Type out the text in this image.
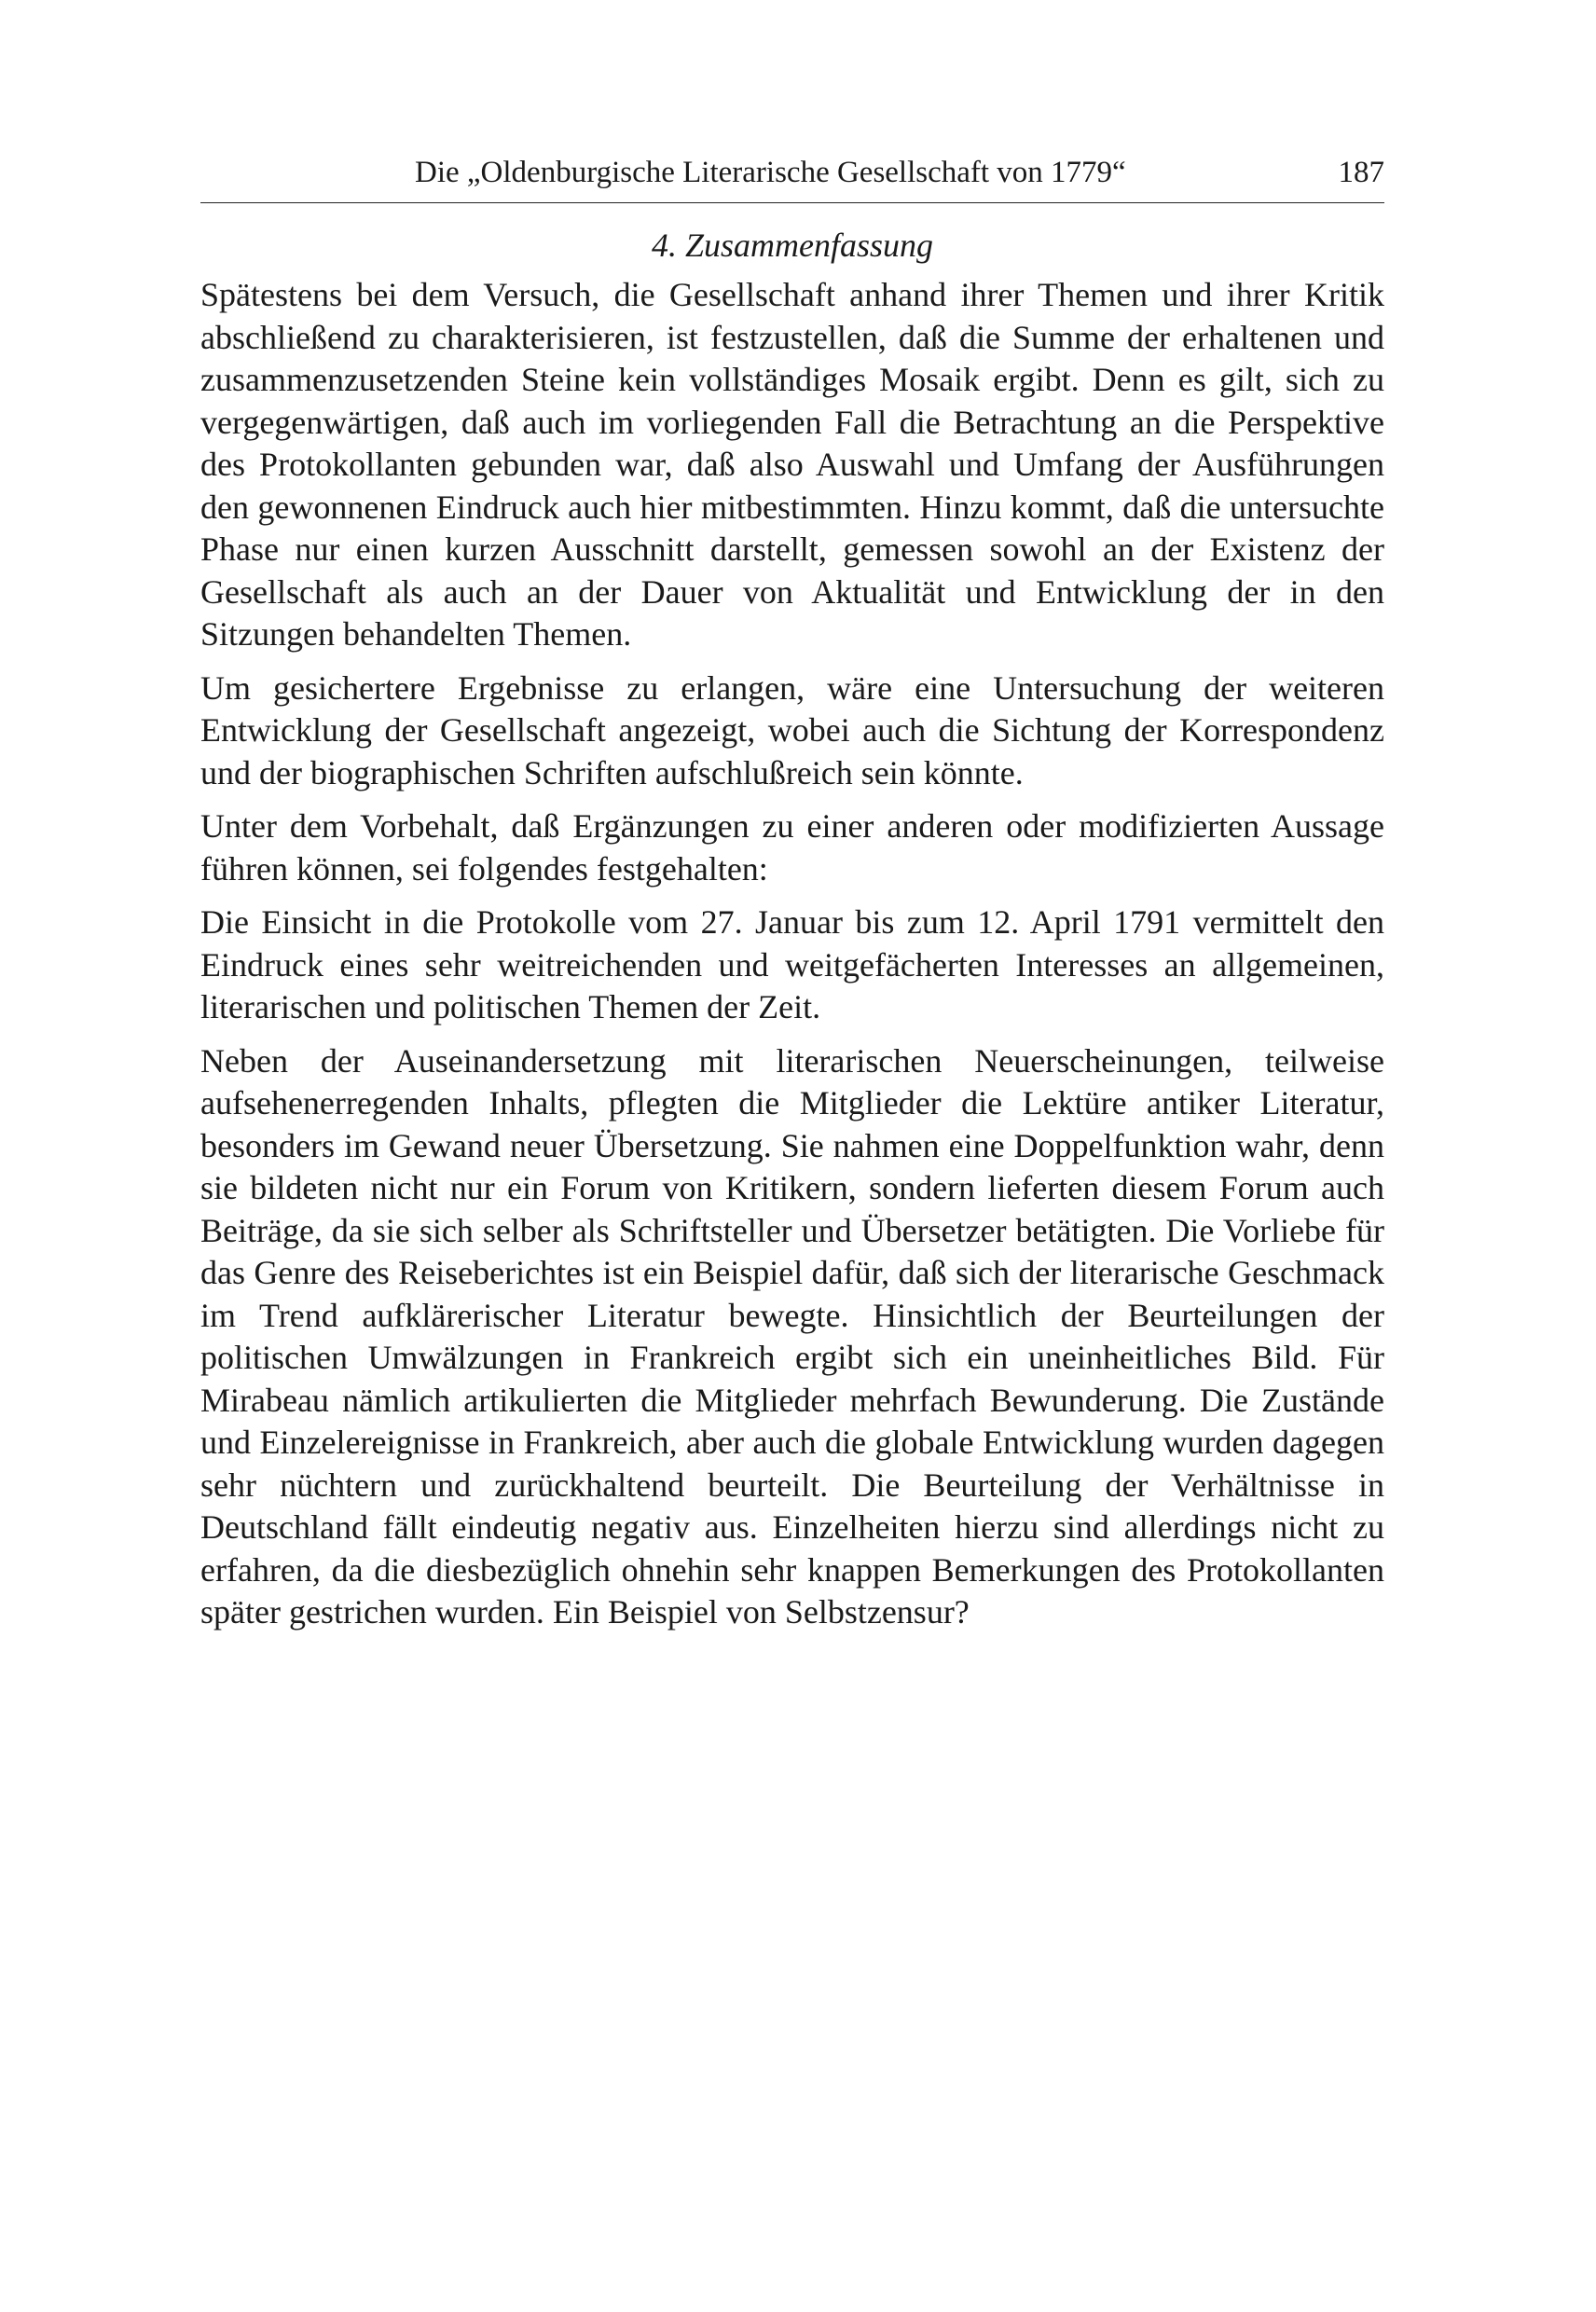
Die „Oldenburgische Literarische Gesellschaft von 1779“	187
4. Zusammenfassung

Spätestens bei dem Versuch, die Gesellschaft anhand ihrer Themen und ihrer Kritik abschließend zu charakterisieren, ist festzustellen, daß die Summe der erhaltenen und zusammenzusetzenden Steine kein vollständiges Mosaik ergibt. Denn es gilt, sich zu vergegenwärtigen, daß auch im vorliegenden Fall die Betrachtung an die Perspektive des Protokollanten gebunden war, daß also Auswahl und Umfang der Ausführungen den gewonnenen Eindruck auch hier mitbestimmten. Hinzu kommt, daß die untersuchte Phase nur einen kurzen Ausschnitt darstellt, gemessen sowohl an der Existenz der Gesellschaft als auch an der Dauer von Aktualität und Entwicklung der in den Sitzungen behandelten Themen.

Um gesichertere Ergebnisse zu erlangen, wäre eine Untersuchung der weiteren Entwicklung der Gesellschaft angezeigt, wobei auch die Sichtung der Korrespondenz und der biographischen Schriften aufschlußreich sein könnte.

Unter dem Vorbehalt, daß Ergänzungen zu einer anderen oder modifizierten Aussage führen können, sei folgendes festgehalten:

Die Einsicht in die Protokolle vom 27. Januar bis zum 12. April 1791 vermittelt den Eindruck eines sehr weitreichenden und weitgefächerten Interesses an allgemeinen, literarischen und politischen Themen der Zeit.

Neben der Auseinandersetzung mit literarischen Neuerscheinungen, teilweise aufsehenerregenden Inhalts, pflegten die Mitglieder die Lektüre antiker Literatur, besonders im Gewand neuer Übersetzung. Sie nahmen eine Doppelfunktion wahr, denn sie bildeten nicht nur ein Forum von Kritikern, sondern lieferten diesem Forum auch Beiträge, da sie sich selber als Schriftsteller und Übersetzer betätigten. Die Vorliebe für das Genre des Reiseberichtes ist ein Beispiel dafür, daß sich der literarische Geschmack im Trend aufklärerischer Literatur bewegte. Hinsichtlich der Beurteilungen der politischen Umwälzungen in Frankreich ergibt sich ein uneinheitliches Bild. Für Mirabeau nämlich artikulierten die Mitglieder mehrfach Bewunderung. Die Zustände und Einzelereignisse in Frankreich, aber auch die globale Entwicklung wurden dagegen sehr nüchtern und zurückhaltend beurteilt. Die Beurteilung der Verhältnisse in Deutschland fällt eindeutig negativ aus. Einzelheiten hierzu sind allerdings nicht zu erfahren, da die diesbezüglich ohnehin sehr knappen Bemerkungen des Protokollanten später gestrichen wurden. Ein Beispiel von Selbstzensur?
